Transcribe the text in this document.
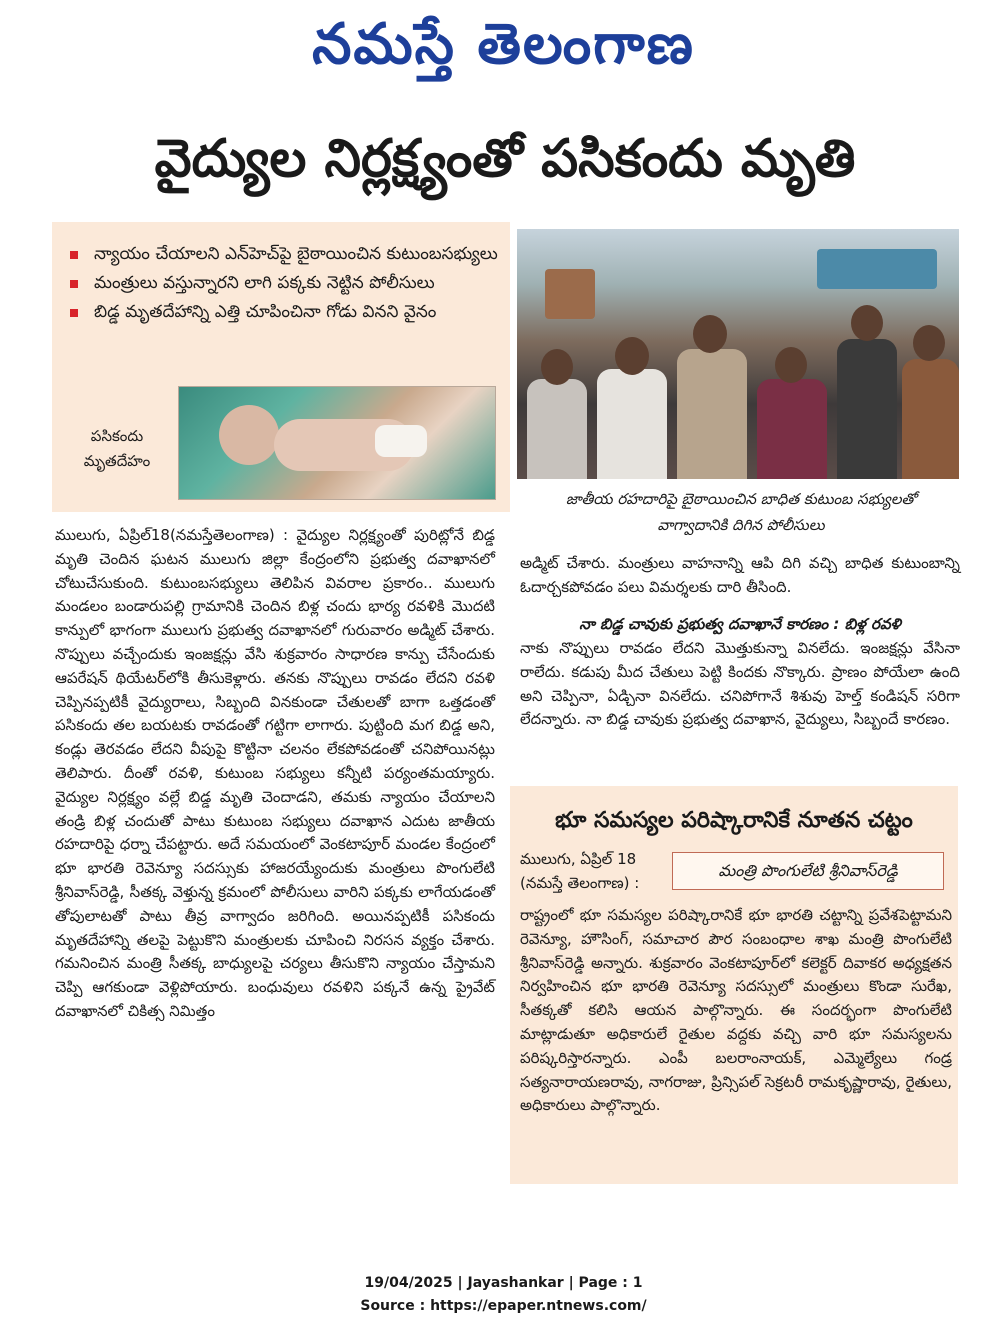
నమస్తే తెలంగాణ
వైద్యుల నిర్లక్ష్యంతో పసికందు మృతి
న్యాయం చేయాలని ఎన్‌హెచ్‌పై బైఠాయించిన కుటుంబసభ్యులు
మంత్రులు వస్తున్నారని లాగి పక్కకు నెట్టిన పోలీసులు
బిడ్డ మృతదేహాన్ని ఎత్తి చూపించినా గోడు వినని వైనం
పసికందు మృతదేహం
జాతీయ రహదారిపై బైఠాయించిన బాధిత కుటుంబ సభ్యులతో
వాగ్వాదానికి దిగిన పోలీసులు
ములుగు, ఏప్రిల్18(నమస్తేతెలంగాణ) : వైద్యుల నిర్లక్ష్యంతో పురిట్లోనే బిడ్డ మృతి చెందిన ఘటన ములుగు జిల్లా కేంద్రంలోని ప్రభుత్వ దవాఖానలో చోటుచేసుకుంది. కుటుంబసభ్యులు తెలిపిన వివరాల ప్రకారం.. ములుగు మండలం బండారుపల్లి గ్రామానికి చెందిన బిళ్ల చందు భార్య రవళికి మొదటి కాన్పులో భాగంగా ములుగు ప్రభుత్వ దవాఖానలో గురువారం అడ్మిట్ చేశారు. నొప్పులు వచ్చేందుకు ఇంజక్షన్లు వేసి శుక్రవారం సాధారణ కాన్పు చేసేందుకు ఆపరేషన్ థియేటర్‌లోకి తీసుకెళ్లారు. తనకు నొప్పులు రావడం లేదని రవళి చెప్పినప్పటికీ వైద్యురాలు, సిబ్బంది వినకుండా చేతులతో బాగా ఒత్తడంతో పసికందు తల బయటకు రావడంతో గట్టిగా లాగారు. పుట్టింది మగ బిడ్డ అని, కండ్లు తెరవడం లేదని వీపుపై కొట్టినా చలనం లేకపోవడంతో చనిపోయినట్లు తెలిపారు. దీంతో రవళి, కుటుంబ సభ్యులు కన్నీటి పర్యంతమయ్యారు. వైద్యుల నిర్లక్ష్యం వల్లే బిడ్డ మృతి చెందాడని, తమకు న్యాయం చేయాలని తండ్రి బిళ్ల చందుతో పాటు కుటుంబ సభ్యులు దవాఖాన ఎదుట జాతీయ రహదారిపై ధర్నా చేపట్టారు. అదే సమయంలో వెంకటాపూర్ మండల కేంద్రంలో భూ భారతి రెవెన్యూ సదస్సుకు హాజరయ్యేందుకు మంత్రులు పొంగులేటి శ్రీనివాస్‌రెడ్డి, సీతక్క వెళ్తున్న క్రమంలో పోలీసులు వారిని పక్కకు లాగేయడంతో తోపులాటతో పాటు తీవ్ర వాగ్వాదం జరిగింది. అయినప్పటికీ పసికందు మృతదేహాన్ని తలపై పెట్టుకొని మంత్రులకు చూపించి నిరసన వ్యక్తం చేశారు. గమనించిన మంత్రి సీతక్క బాధ్యులపై చర్యలు తీసుకొని న్యాయం చేస్తామని చెప్పి ఆగకుండా వెళ్లిపోయారు. బంధువులు రవళిని పక్కనే ఉన్న ప్రైవేట్ దవాఖానలో చికిత్స నిమిత్తం
అడ్మిట్ చేశారు. మంత్రులు వాహనాన్ని ఆపి దిగి వచ్చి బాధిత కుటుంబాన్ని ఓదార్చకపోవడం పలు విమర్శలకు దారి తీసింది.
నా బిడ్డ చావుకు ప్రభుత్వ దవాఖానే కారణం : బిళ్ల రవళి
నాకు నొప్పులు రావడం లేదని మొత్తుకున్నా వినలేదు. ఇంజక్షన్లు వేసినా రాలేదు. కడుపు మీద చేతులు పెట్టి కిందకు నొక్కారు. ప్రాణం పోయేలా ఉంది అని చెప్పినా, ఏడ్చినా వినలేదు. చనిపోగానే శిశువు హెల్త్ కండిషన్ సరిగా లేదన్నారు. నా బిడ్డ చావుకు ప్రభుత్వ దవాఖాన, వైద్యులు, సిబ్బందే కారణం.
భూ సమస్యల పరిష్కారానికే నూతన చట్టం
ములుగు, ఏప్రిల్ 18 (నమస్తే తెలంగాణ) :
మంత్రి పొంగులేటి శ్రీనివాస్‌రెడ్డి
రాష్ట్రంలో భూ సమస్యల పరిష్కారానికే భూ భారతి చట్టాన్ని ప్రవేశపెట్టామని రెవెన్యూ, హౌసింగ్, సమాచార పౌర సంబంధాల శాఖ మంత్రి పొంగులేటి శ్రీనివాస్‌రెడ్డి అన్నారు. శుక్రవారం వెంకటాపూర్‌లో కలెక్టర్ దివాకర అధ్యక్షతన నిర్వహించిన భూ భారతి రెవెన్యూ సదస్సులో మంత్రులు కొండా సురేఖ, సీతక్కతో కలిసి ఆయన పాల్గొన్నారు. ఈ సందర్భంగా పొంగులేటి మాట్లాడుతూ అధికారులే రైతుల వద్దకు వచ్చి వారి భూ సమస్యలను పరిష్కరిస్తారన్నారు. ఎంపీ బలరాంనాయక్, ఎమ్మెల్యేలు గండ్ర సత్యనారాయణరావు, నాగరాజు, ప్రిన్సిపల్ సెక్రటరీ రామకృష్ణారావు, రైతులు, అధికారులు పాల్గొన్నారు.
19/04/2025 | Jayashankar | Page : 1
Source : https://epaper.ntnews.com/
